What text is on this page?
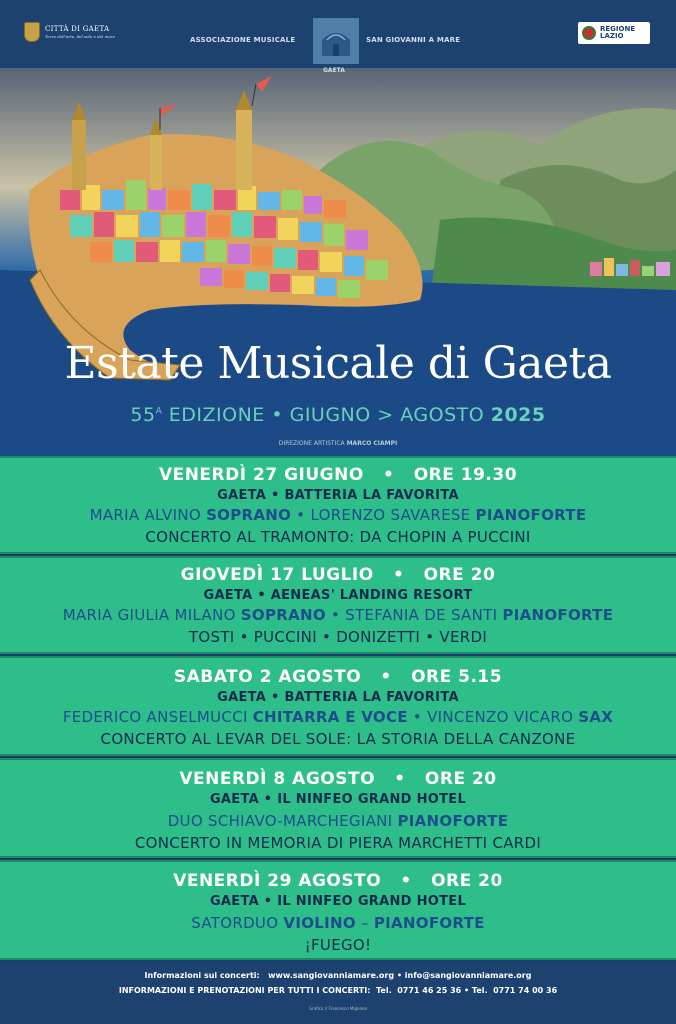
CITTÀ DI GAETA
Terra dell'arte, del sole e del mare	ASSOCIAZIONE MUSICALE	SAN GIOVANNI A MARE
GAETA
REGIONE
LAZIO
Estate Musicale di Gaeta
$55^A$ EDIZIONE • GIUGNO > AGOSTO 2025
DIREZIONE ARTISTICA MARCO CIAMPI
VENERDÌ 27 GIUGNO   •   ORE 19.30
GAETA • BATTERIA LA FAVORITA
MARIA ALVINO SOPRANO • LORENZO SAVARESE PIANOFORTE
CONCERTO AL TRAMONTO: DA CHOPIN A PUCCINI
GIOVEDÌ 17 LUGLIO   •   ORE 20
GAETA • AENEAS' LANDING RESORT
MARIA GIULIA MILANO SOPRANO • STEFANIA DE SANTI PIANOFORTE
TOSTI • PUCCINI • DONIZETTI • VERDI
SABATO 2 AGOSTO   •   ORE 5.15
GAETA • BATTERIA LA FAVORITA
FEDERICO ANSELMUCCI CHITARRA E VOCE • VINCENZO VICARO SAX
CONCERTO AL LEVAR DEL SOLE: LA STORIA DELLA CANZONE
VENERDÌ 8 AGOSTO   •   ORE 20
GAETA • IL NINFEO GRAND HOTEL
DUO SCHIAVO-MARCHEGIANI PIANOFORTE
CONCERTO IN MEMORIA DI PIERA MARCHETTI CARDI
VENERDÌ 29 AGOSTO   •   ORE 20
GAETA • IL NINFEO GRAND HOTEL
SATORDUO VIOLINO – PIANOFORTE
¡FUEGO!
Informazioni sui concerti: www.sangiovanniamare.org • info@sangiovanniamare.org
INFORMAZIONI E PRENOTAZIONI PER TUTTI I CONCERTI: Tel. 0771 46 25 36 • Tel. 0771 74 00 36
Grafica // Francesco Mignano
